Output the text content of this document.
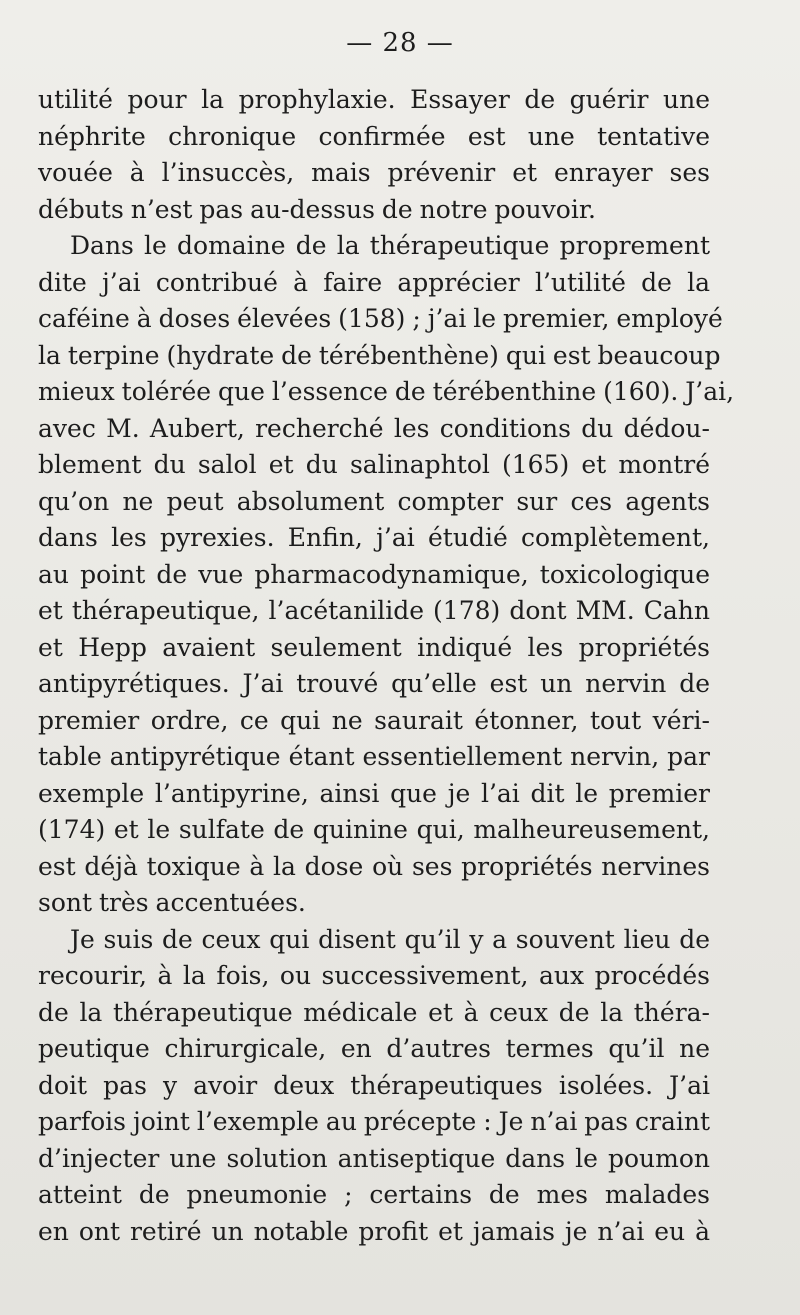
— 28 —
utilité pour la prophylaxie. Essayer de guérir une
néphrite chronique confirmée est une tentative
vouée à l’insuccès, mais prévenir et enrayer ses
débuts n’est pas au-dessus de notre pouvoir.
Dans le domaine de la thérapeutique proprement
dite j’ai contribué à faire apprécier l’utilité de la
caféine à doses élevées (158) ; j’ai le premier, employé
la terpine (hydrate de térébenthène) qui est beaucoup
mieux tolérée que l’essence de térébenthine (160). J’ai,
avec M. Aubert, recherché les conditions du dédou-
blement du salol et du salinaphtol (165) et montré
qu’on ne peut absolument compter sur ces agents
dans les pyrexies. Enfin, j’ai étudié complètement,
au point de vue pharmacodynamique, toxicologique
et thérapeutique, l’acétanilide (178) dont MM. Cahn
et Hepp avaient seulement indiqué les propriétés
antipyrétiques. J’ai trouvé qu’elle est un nervin de
premier ordre, ce qui ne saurait étonner, tout véri-
table antipyrétique étant essentiellement nervin, par
exemple l’antipyrine, ainsi que je l’ai dit le premier
(174) et le sulfate de quinine qui, malheureusement,
est déjà toxique à la dose où ses propriétés nervines
sont très accentuées.
Je suis de ceux qui disent qu’il y a souvent lieu de
recourir, à la fois, ou successivement, aux procédés
de la thérapeutique médicale et à ceux de la théra-
peutique chirurgicale, en d’autres termes qu’il ne
doit pas y avoir deux thérapeutiques isolées. J’ai
parfois joint l’exemple au précepte : Je n’ai pas craint
d’injecter une solution antiseptique dans le poumon
atteint de pneumonie ; certains de mes malades
en ont retiré un notable profit et jamais je n’ai eu à
